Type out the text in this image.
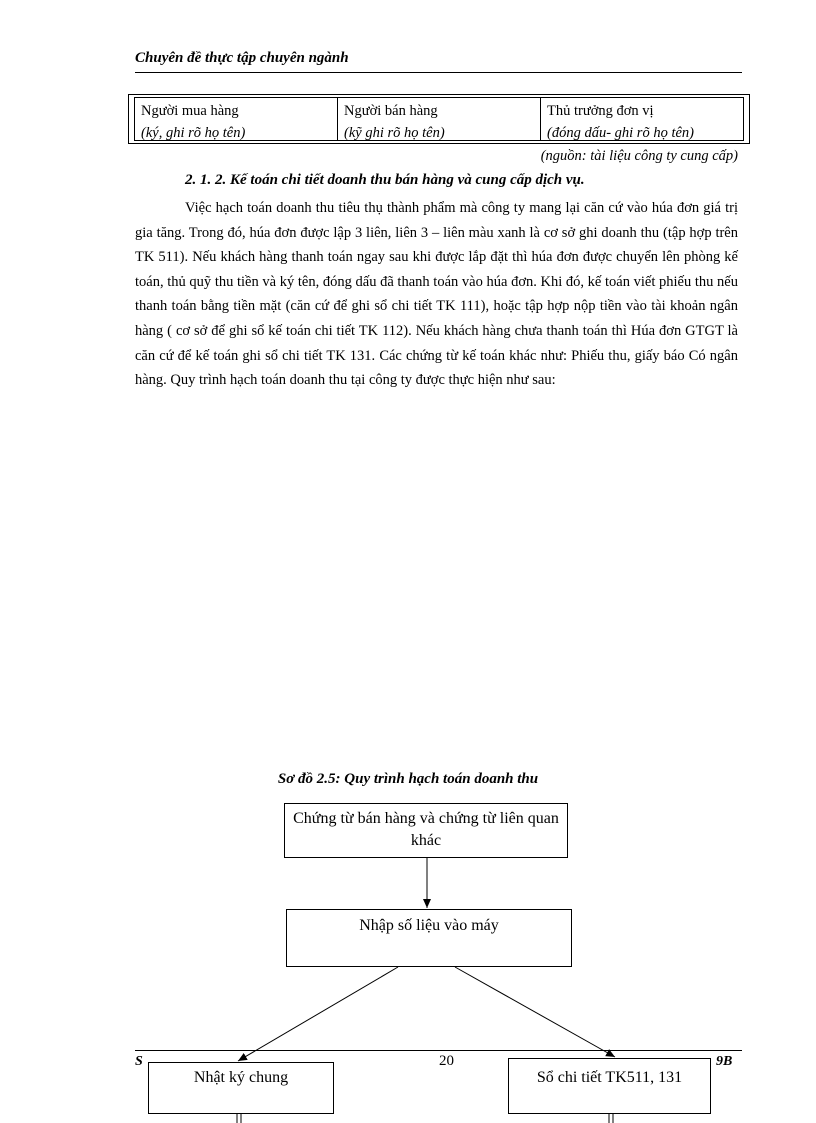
Chuyên đề thực tập chuyên ngành
Người mua hàng
(ký, ghi rõ họ tên)
Người bán hàng
(kỹ ghi rõ họ tên)
Thủ trưởng đơn vị
(đóng dấu- ghi rõ họ tên)
(nguồn: tài liệu công ty cung cấp)
2. 1. 2. Kế toán chi tiết doanh thu bán hàng và cung cấp dịch vụ.

Việc hạch toán doanh thu tiêu thụ thành phẩm mà công ty mang lại căn cứ vào húa đơn giá trị gia tăng. Trong đó, húa đơn được lập 3 liên, liên 3 – liên màu xanh là cơ sở ghi doanh thu (tập hợp trên TK 511). Nếu khách hàng thanh toán ngay sau khi được lắp đặt thì húa đơn được chuyển lên phòng kế toán, thủ quỹ thu tiền và ký tên, đóng dấu đã thanh toán vào húa đơn. Khi đó, kế toán viết phiếu thu nếu thanh toán bằng tiền mặt (căn cứ để ghi sổ chi tiết TK 111), hoặc tập hợp nộp tiền vào tài khoản ngân hàng ( cơ sở để ghi sổ kế toán chi tiết TK 112). Nếu khách hàng chưa thanh toán thì Húa đơn GTGT là căn cứ để kế toán ghi sổ chi tiết TK 131. Các chứng từ kế toán khác như: Phiếu thu, giấy báo Có ngân hàng. Quy trình hạch toán doanh thu tại công ty được thực hiện như sau:

Sơ đồ 2.5: Quy trình hạch toán doanh thu
Chứng từ bán hàng và chứng từ liên quan khác
Nhập số liệu vào máy
S	9B
20
Nhật ký chung	Sổ chi tiết TK511, 131
